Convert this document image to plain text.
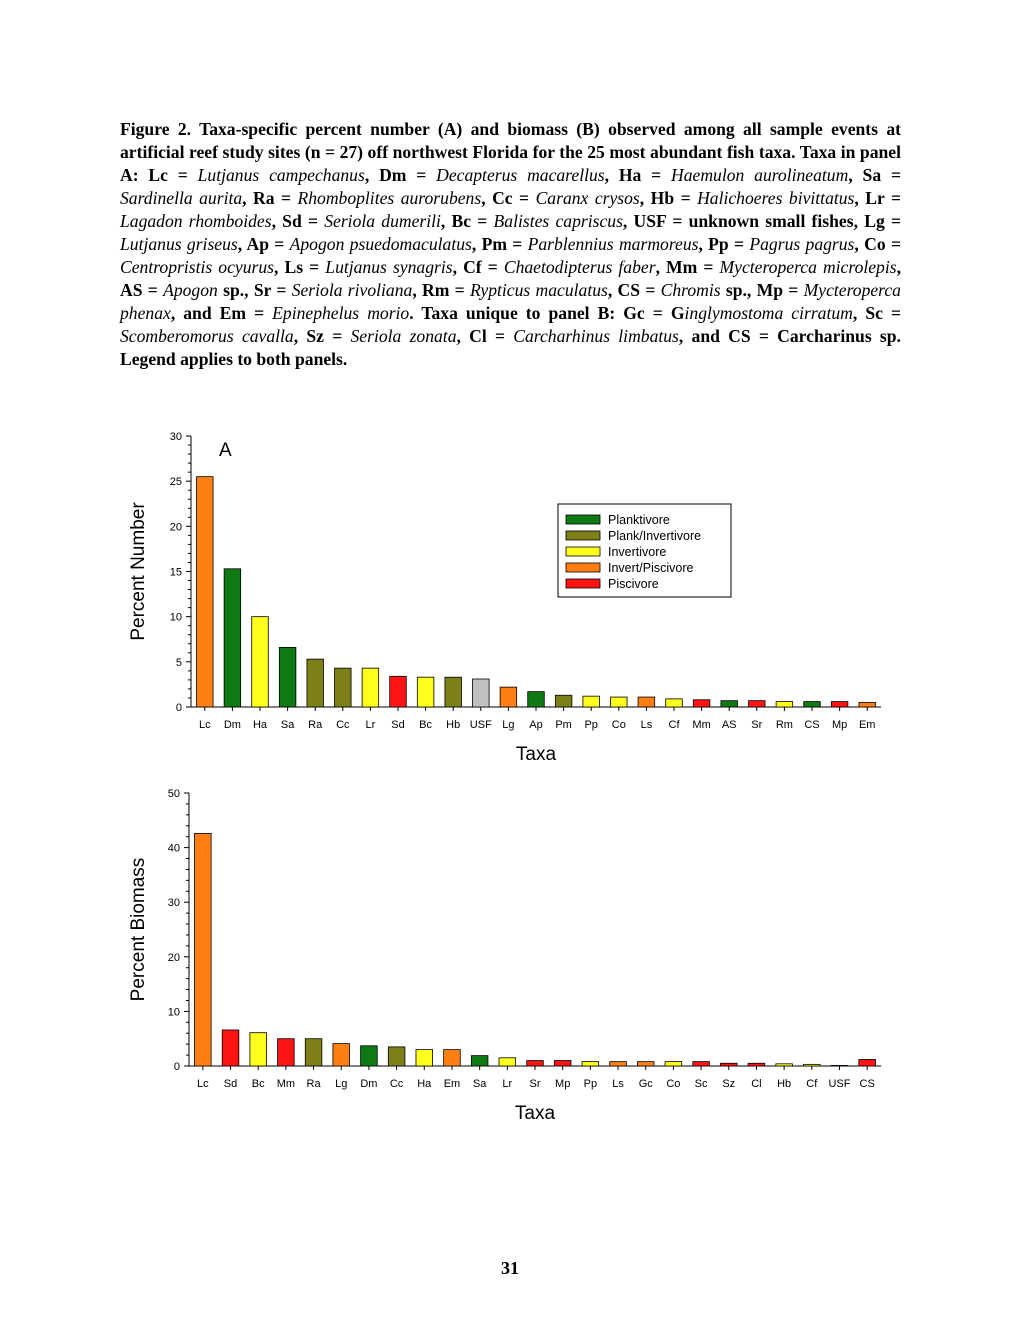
Figure 2. Taxa-specific percent number (A) and biomass (B) observed among all sample events at artificial reef study sites (n = 27) off northwest Florida for the 25 most abundant fish taxa. Taxa in panel A: Lc = Lutjanus campechanus, Dm = Decapterus macarellus, Ha = Haemulon aurolineatum, Sa = Sardinella aurita, Ra = Rhomboplites aurorubens, Cc = Caranx crysos, Hb = Halichoeres bivittatus, Lr = Lagadon rhomboides, Sd = Seriola dumerili, Bc = Balistes capriscus, USF = unknown small fishes, Lg = Lutjanus griseus, Ap = Apogon psuedomaculatus, Pm = Parblennius marmoreus, Pp = Pagrus pagrus, Co = Centropristis ocyurus, Ls = Lutjanus synagris, Cf = Chaetodipterus faber, Mm = Mycteroperca microlepis, AS = Apogon sp., Sr = Seriola rivoliana, Rm = Rypticus maculatus, CS = Chromis sp., Mp = Mycteroperca phenax, and Em = Epinephelus morio. Taxa unique to panel B: Gc = Ginglymostoma cirratum, Sc = Scomberomorus cavalla, Sz = Seriola zonata, Cl = Carcharhinus limbatus, and CS = Carcharinus sp. Legend applies to both panels.
0
5
10
15
20
25
30
Lc Dm Ha Sa Ra Cc Lr Sd Bc Hb USF Lg Ap Pm Pp Co Ls Cf Mm AS Sr Rm CS Mp Em
Taxa
Percent Number
A
Planktivore
Plank/Invertivore
Invertivore
Invert/Piscivore
Piscivore
0
10
20
30
40
50
Lc Sd Bc Mm Ra Lg Dm Cc Ha Em Sa Lr Sr Mp Pp Ls Gc Co Sc Sz Cl Hb Cf USF CS
Taxa
Percent Biomass
31
